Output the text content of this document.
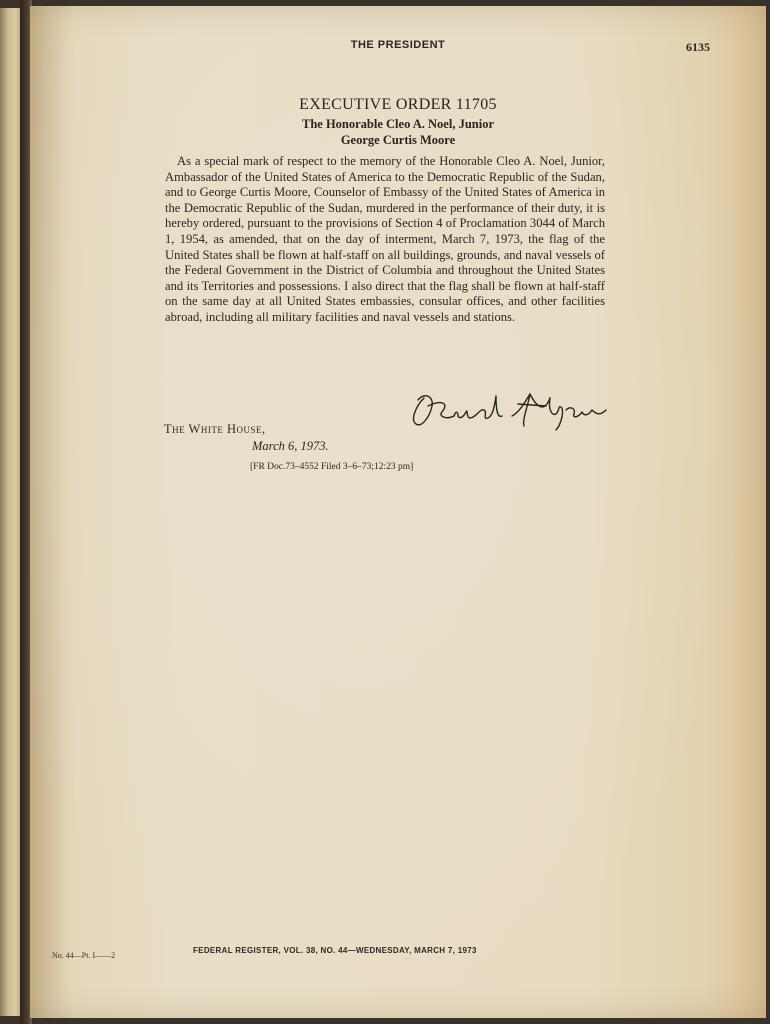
THE PRESIDENT	6135
EXECUTIVE ORDER 11705
The Honorable Cleo A. Noel, Junior
George Curtis Moore

As a special mark of respect to the memory of the Honorable Cleo A. Noel, Junior, Ambassador of the United States of America to the Democratic Republic of the Sudan, and to George Curtis Moore, Counselor of Embassy of the United States of America in the Democratic Republic of the Sudan, murdered in the performance of their duty, it is hereby ordered, pursuant to the provisions of Section 4 of Proclamation 3044 of March 1, 1954, as amended, that on the day of interment, March 7, 1973, the flag of the United States shall be flown at half-staff on all buildings, grounds, and naval vessels of the Federal Government in the District of Columbia and throughout the United States and its Territories and possessions. I also direct that the flag shall be flown at half-staff on the same day at all United States embassies, consular offices, and other facilities abroad, including all military facilities and naval vessels and stations.

The White House,
March 6, 1973.
[FR Doc.73–4552 Filed 3–6–73;12:23 pm]
No. 44—Pt. I——2
FEDERAL REGISTER, VOL. 38, NO. 44—WEDNESDAY, MARCH 7, 1973
